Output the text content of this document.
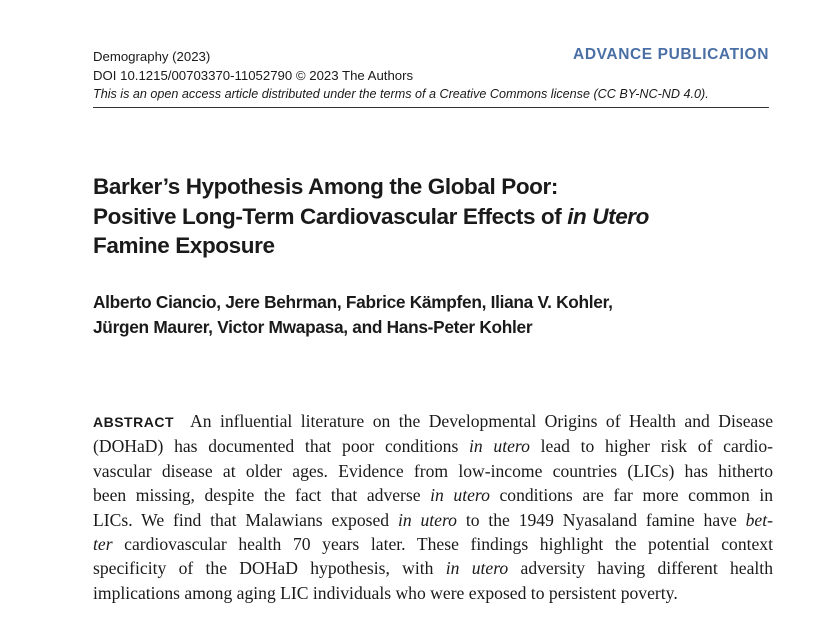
Demography (2023)
DOI 10.1215/00703370-11052790 © 2023 The Authors
This is an open access article distributed under the terms of a Creative Commons license (CC BY-NC-ND 4.0).
ADVANCE PUBLICATION
Barker’s Hypothesis Among the Global Poor:
Positive Long-Term Cardiovascular Effects of in Utero
Famine Exposure
Alberto Ciancio, Jere Behrman, Fabrice Kämpfen, Iliana V. Kohler,
Jürgen Maurer, Victor Mwapasa, and Hans-Peter Kohler
ABSTRACT An influential literature on the Developmental Origins of Health and Disease
(DOHaD) has documented that poor conditions in utero lead to higher risk of cardio-
vascular disease at older ages. Evidence from low-income countries (LICs) has hitherto
been missing, despite the fact that adverse in utero conditions are far more common in
LICs. We find that Malawians exposed in utero to the 1949 Nyasaland famine have bet-
ter cardiovascular health 70 years later. These findings highlight the potential context
specificity of the DOHaD hypothesis, with in utero adversity having different health
implications among aging LIC individuals who were exposed to persistent poverty.
